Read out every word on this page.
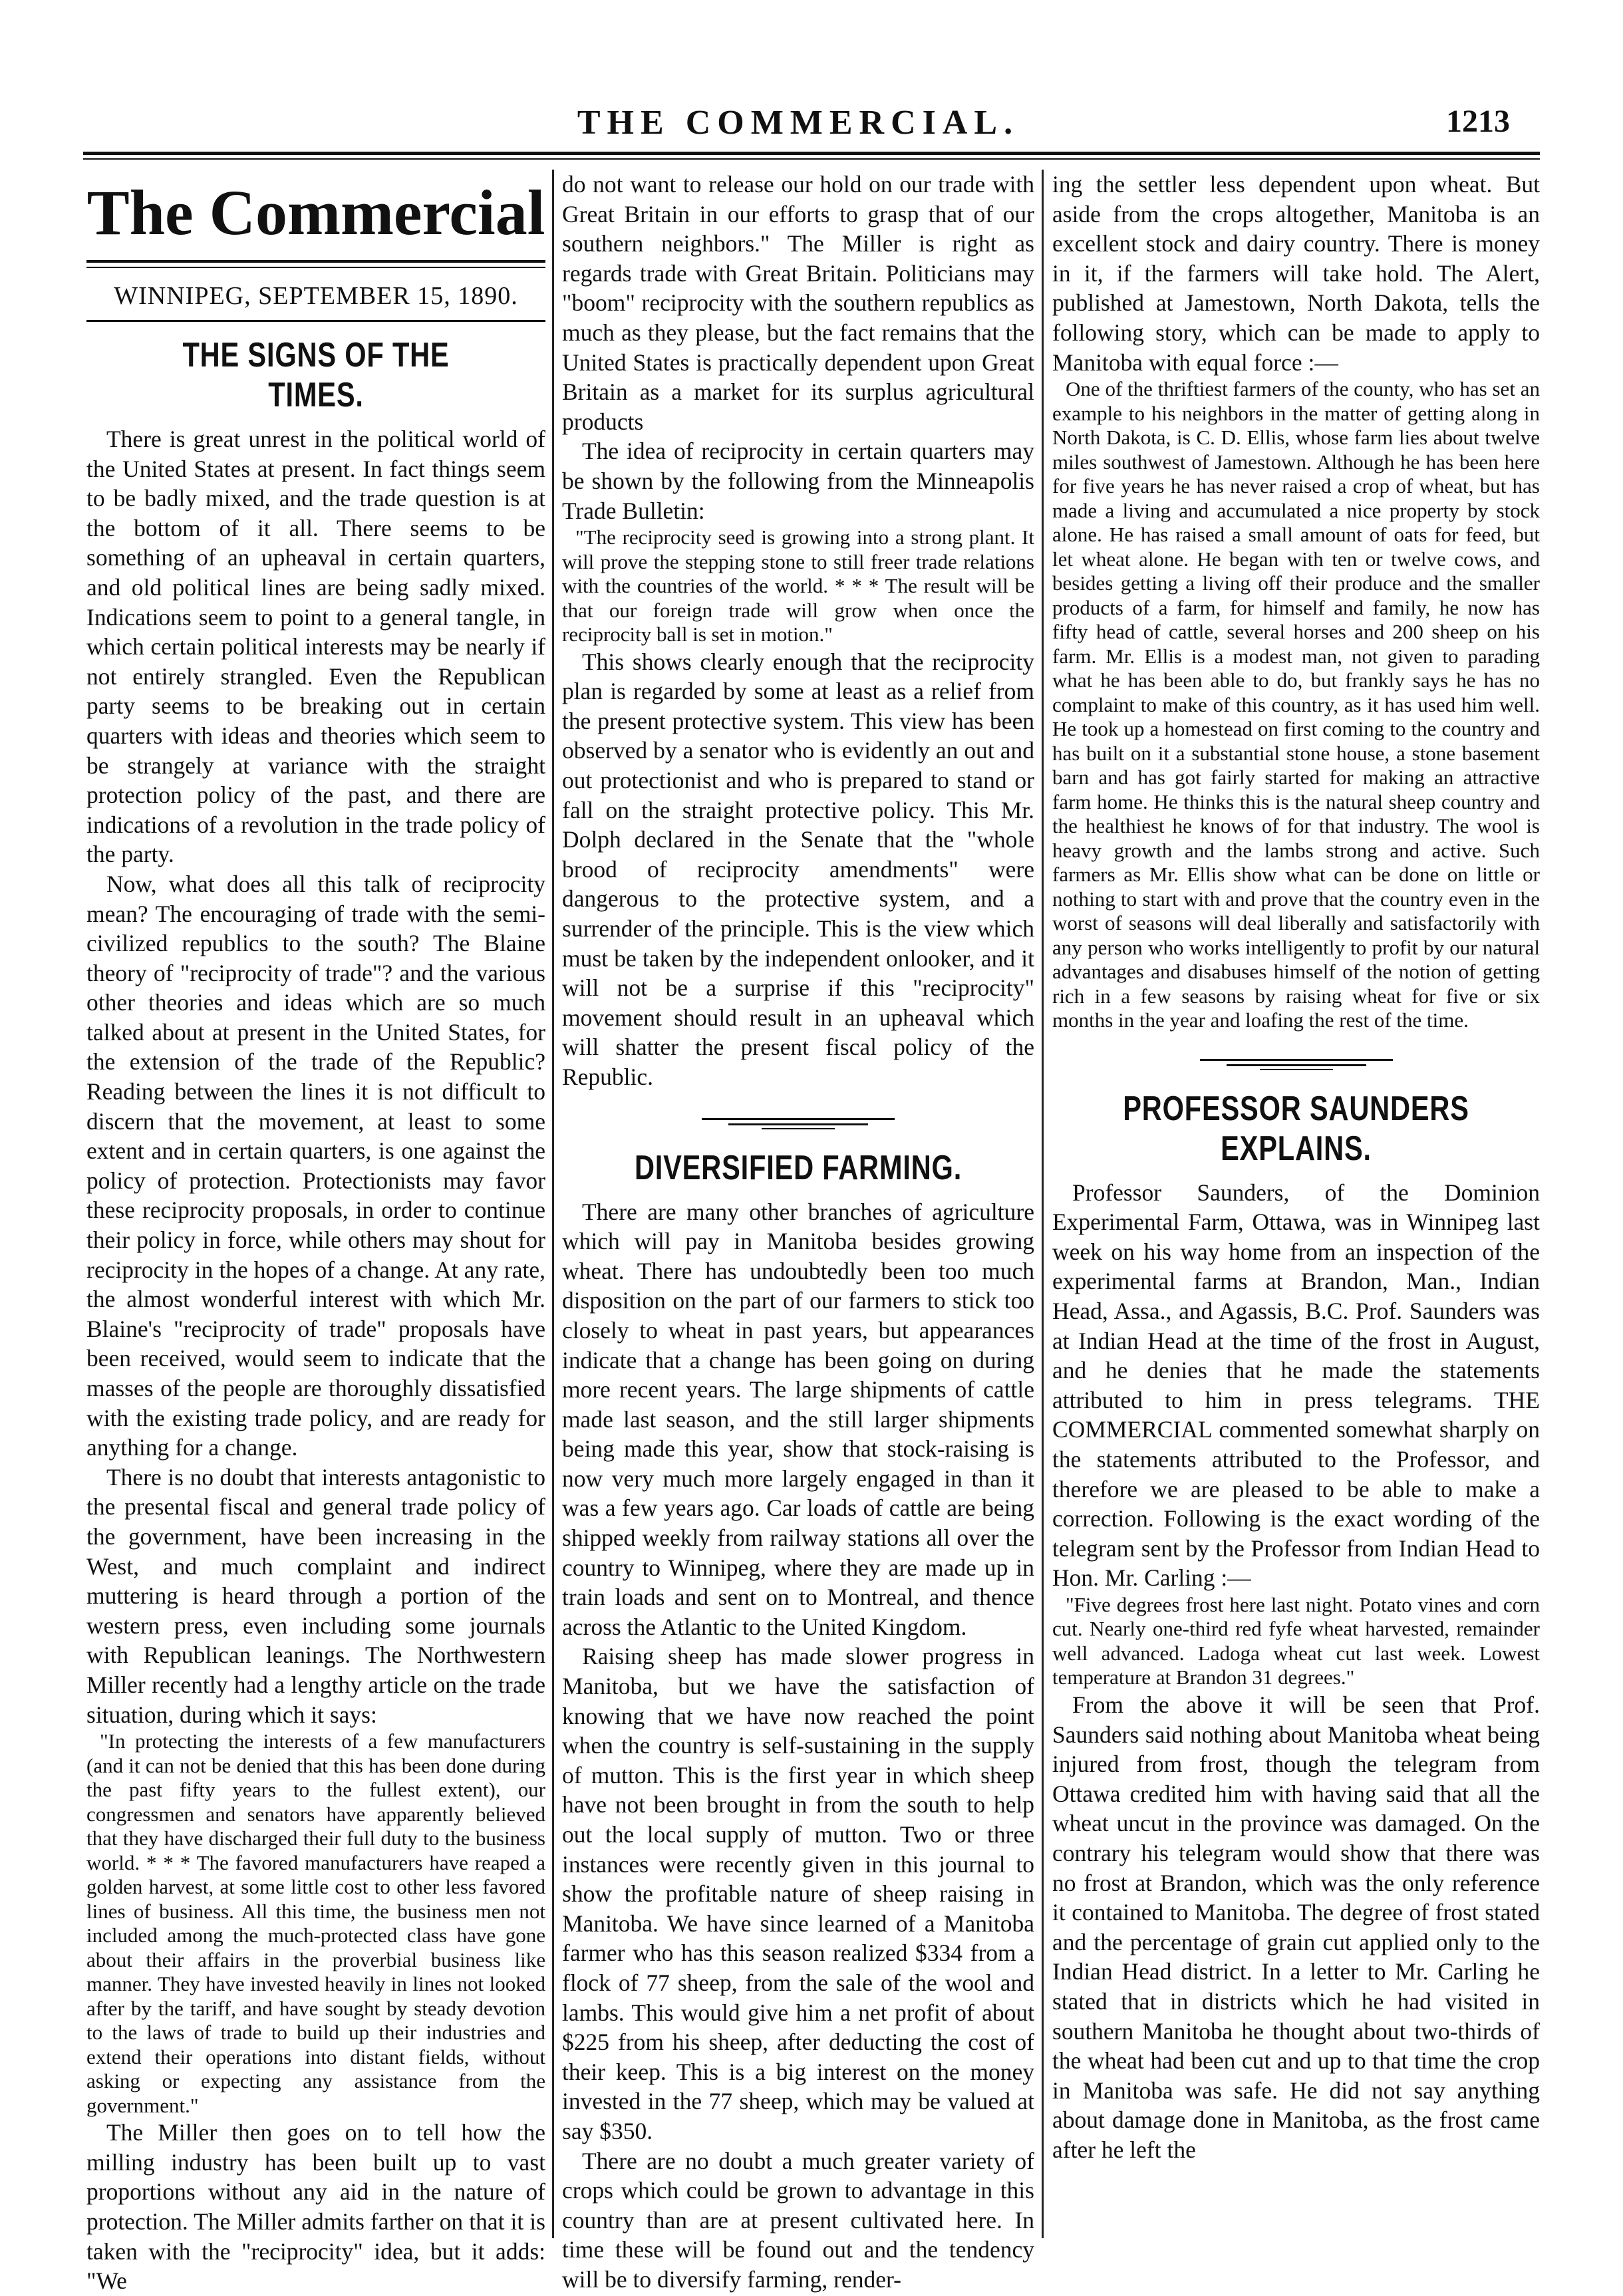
THE COMMERCIAL.	1213
The Commercial
WINNIPEG, SEPTEMBER 15, 1890.
THE SIGNS OF THE TIMES.

There is great unrest in the political world of the United States at present. In fact things seem to be badly mixed, and the trade question is at the bottom of it all. There seems to be something of an upheaval in certain quarters, and old political lines are being sadly mixed. Indications seem to point to a general tangle, in which certain political interests may be nearly if not entirely strangled. Even the Republican party seems to be breaking out in certain quarters with ideas and theories which seem to be strangely at variance with the straight protection policy of the past, and there are indications of a revolution in the trade policy of the party.

Now, what does all this talk of reciprocity mean? The encouraging of trade with the semi-civilized republics to the south? The Blaine theory of "reciprocity of trade"? and the various other theories and ideas which are so much talked about at present in the United States, for the extension of the trade of the Republic? Reading between the lines it is not difficult to discern that the movement, at least to some extent and in certain quarters, is one against the policy of protection. Protectionists may favor these reciprocity proposals, in order to continue their policy in force, while others may shout for reciprocity in the hopes of a change. At any rate, the almost wonderful interest with which Mr. Blaine's "reciprocity of trade" proposals have been received, would seem to indicate that the masses of the people are thoroughly dissatisfied with the existing trade policy, and are ready for anything for a change.

There is no doubt that interests antagonistic to the presental fiscal and general trade policy of the government, have been increasing in the West, and much complaint and indirect muttering is heard through a portion of the western press, even including some journals with Republican leanings. The Northwestern Miller recently had a lengthy article on the trade situation, during which it says:

"In protecting the interests of a few manufacturers (and it can not be denied that this has been done during the past fifty years to the fullest extent), our congressmen and senators have apparently believed that they have discharged their full duty to the business world. * * * The favored manufacturers have reaped a golden harvest, at some little cost to other less favored lines of business. All this time, the business men not included among the much-protected class have gone about their affairs in the proverbial business like manner. They have invested heavily in lines not looked after by the tariff, and have sought by steady devotion to the laws of trade to build up their industries and extend their operations into distant fields, without asking or expecting any assistance from the government."

The Miller then goes on to tell how the milling industry has been built up to vast proportions without any aid in the nature of protection. The Miller admits farther on that it is taken with the "reciprocity" idea, but it adds: "We

do not want to release our hold on our trade with Great Britain in our efforts to grasp that of our southern neighbors." The Miller is right as regards trade with Great Britain. Politicians may "boom" reciprocity with the southern republics as much as they please, but the fact remains that the United States is practically dependent upon Great Britain as a market for its surplus agricultural products

The idea of reciprocity in certain quarters may be shown by the following from the Minneapolis Trade Bulletin:

"The reciprocity seed is growing into a strong plant. It will prove the stepping stone to still freer trade relations with the countries of the world. * * * The result will be that our foreign trade will grow when once the reciprocity ball is set in motion."

This shows clearly enough that the reciprocity plan is regarded by some at least as a relief from the present protective system. This view has been observed by a senator who is evidently an out and out protectionist and who is prepared to stand or fall on the straight protective policy. This Mr. Dolph declared in the Senate that the "whole brood of reciprocity amendments" were dangerous to the protective system, and a surrender of the principle. This is the view which must be taken by the independent onlooker, and it will not be a surprise if this "reciprocity" movement should result in an upheaval which will shatter the present fiscal policy of the Republic.

DIVERSIFIED FARMING.

There are many other branches of agriculture which will pay in Manitoba besides growing wheat. There has undoubtedly been too much disposition on the part of our farmers to stick too closely to wheat in past years, but appearances indicate that a change has been going on during more recent years. The large shipments of cattle made last season, and the still larger shipments being made this year, show that stock-raising is now very much more largely engaged in than it was a few years ago. Car loads of cattle are being shipped weekly from railway stations all over the country to Winnipeg, where they are made up in train loads and sent on to Montreal, and thence across the Atlantic to the United Kingdom.

Raising sheep has made slower progress in Manitoba, but we have the satisfaction of knowing that we have now reached the point when the country is self-sustaining in the supply of mutton. This is the first year in which sheep have not been brought in from the south to help out the local supply of mutton. Two or three instances were recently given in this journal to show the profitable nature of sheep raising in Manitoba. We have since learned of a Manitoba farmer who has this season realized $334 from a flock of 77 sheep, from the sale of the wool and lambs. This would give him a net profit of about $225 from his sheep, after deducting the cost of their keep. This is a big interest on the money invested in the 77 sheep, which may be valued at say $350.

There are no doubt a much greater variety of crops which could be grown to advantage in this country than are at present cultivated here. In time these will be found out and the tendency will be to diversify farming, render-

ing the settler less dependent upon wheat. But aside from the crops altogether, Manitoba is an excellent stock and dairy country. There is money in it, if the farmers will take hold. The Alert, published at Jamestown, North Dakota, tells the following story, which can be made to apply to Manitoba with equal force :—

One of the thriftiest farmers of the county, who has set an example to his neighbors in the matter of getting along in North Dakota, is C. D. Ellis, whose farm lies about twelve miles southwest of Jamestown. Although he has been here for five years he has never raised a crop of wheat, but has made a living and accumulated a nice property by stock alone. He has raised a small amount of oats for feed, but let wheat alone. He began with ten or twelve cows, and besides getting a living off their produce and the smaller products of a farm, for himself and family, he now has fifty head of cattle, several horses and 200 sheep on his farm. Mr. Ellis is a modest man, not given to parading what he has been able to do, but frankly says he has no complaint to make of this country, as it has used him well. He took up a homestead on first coming to the country and has built on it a substantial stone house, a stone basement barn and has got fairly started for making an attractive farm home. He thinks this is the natural sheep country and the healthiest he knows of for that industry. The wool is heavy growth and the lambs strong and active. Such farmers as Mr. Ellis show what can be done on little or nothing to start with and prove that the country even in the worst of seasons will deal liberally and satisfactorily with any person who works intelligently to profit by our natural advantages and disabuses himself of the notion of getting rich in a few seasons by raising wheat for five or six months in the year and loafing the rest of the time.

PROFESSOR SAUNDERS EXPLAINS.

Professor Saunders, of the Dominion Experimental Farm, Ottawa, was in Winnipeg last week on his way home from an inspection of the experimental farms at Brandon, Man., Indian Head, Assa., and Agassis, B.C. Prof. Saunders was at Indian Head at the time of the frost in August, and he denies that he made the statements attributed to him in press telegrams. THE COMMERCIAL commented somewhat sharply on the statements attributed to the Professor, and therefore we are pleased to be able to make a correction. Following is the exact wording of the telegram sent by the Professor from Indian Head to Hon. Mr. Carling :—

"Five degrees frost here last night. Potato vines and corn cut. Nearly one-third red fyfe wheat harvested, remainder well advanced. Ladoga wheat cut last week. Lowest temperature at Brandon 31 degrees."

From the above it will be seen that Prof. Saunders said nothing about Manitoba wheat being injured from frost, though the telegram from Ottawa credited him with having said that all the wheat uncut in the province was damaged. On the contrary his telegram would show that there was no frost at Brandon, which was the only reference it contained to Manitoba. The degree of frost stated and the percentage of grain cut applied only to the Indian Head district. In a letter to Mr. Carling he stated that in districts which he had visited in southern Manitoba he thought about two-thirds of the wheat had been cut and up to that time the crop in Manitoba was safe. He did not say anything about damage done in Manitoba, as the frost came after he left the
